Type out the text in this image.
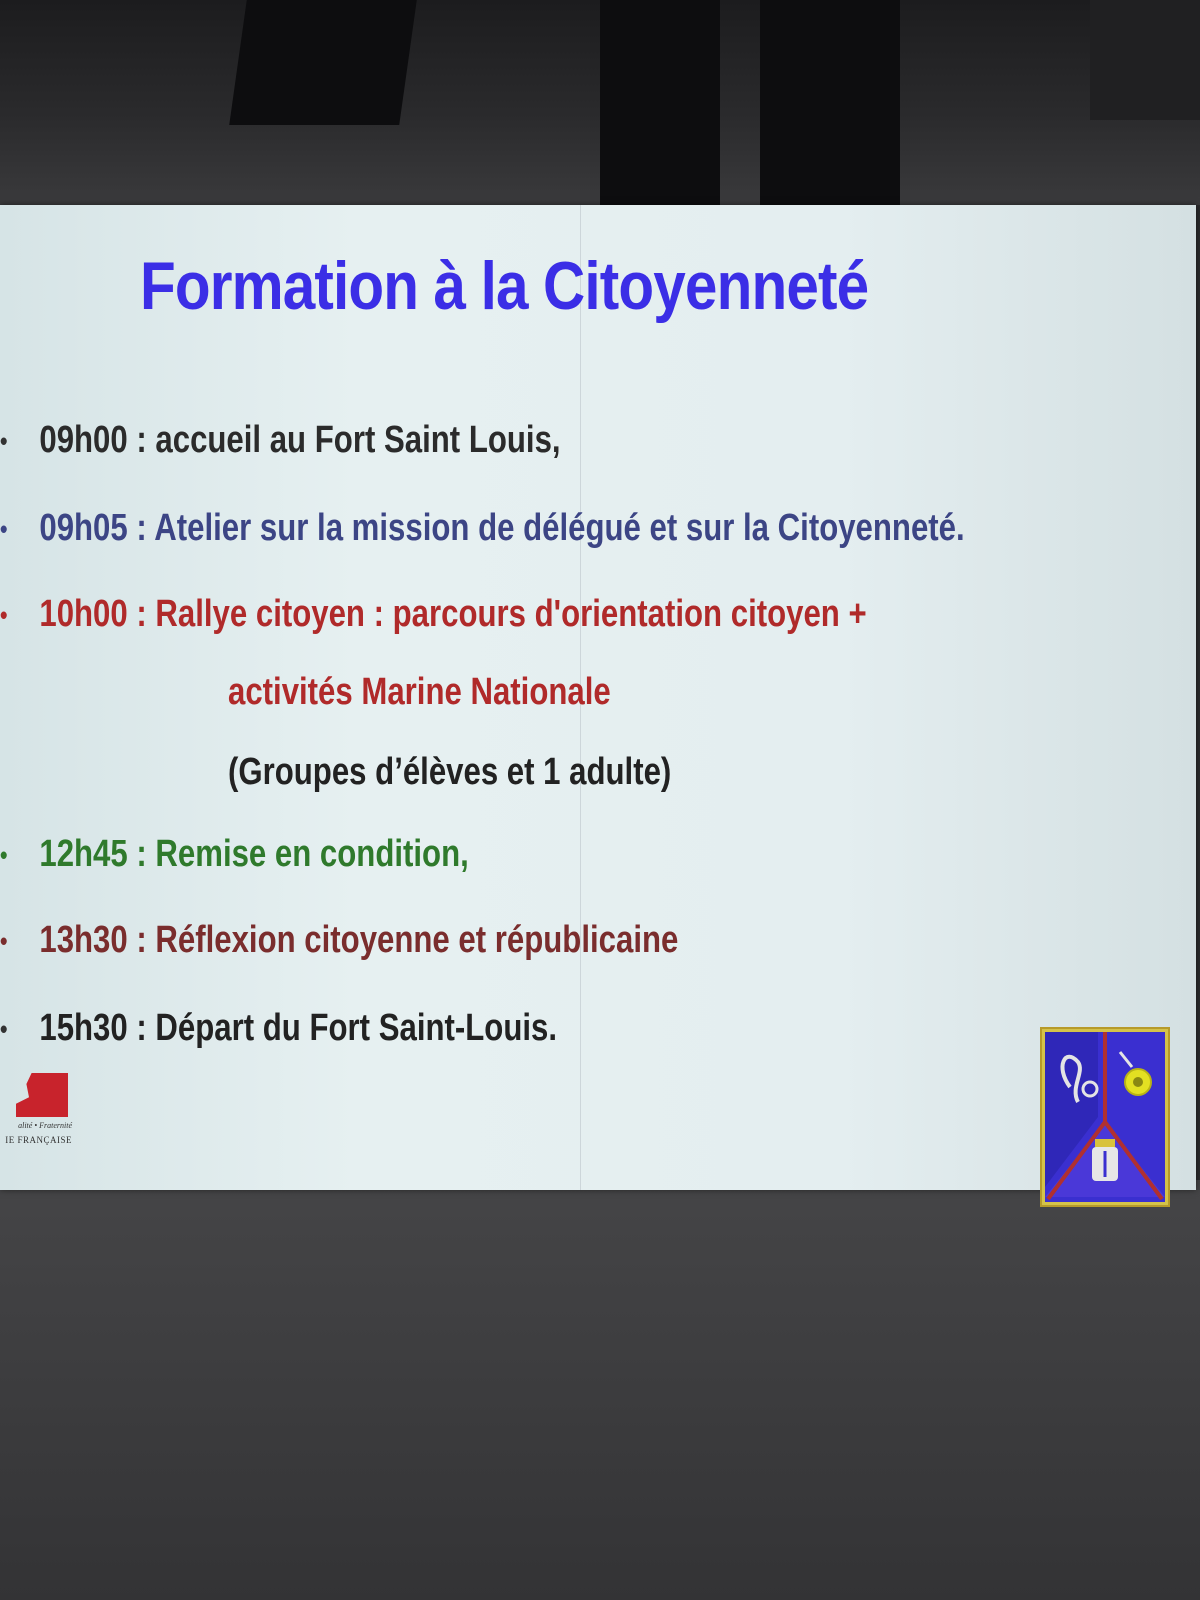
Formation à la Citoyenneté
• 09h00 : accueil au Fort Saint Louis,
• 09h05 : Atelier sur la mission de délégué et sur la Citoyenneté.
• 10h00 : Rallye citoyen : parcours d'orientation citoyen +
activités Marine Nationale
(Groupes d’élèves et 1 adulte)
• 12h45 : Remise en condition,
• 13h30 : Réflexion citoyenne et républicaine
• 15h30 : Départ du Fort Saint-Louis.
alité • Fraternité
IE FRANÇAISE
